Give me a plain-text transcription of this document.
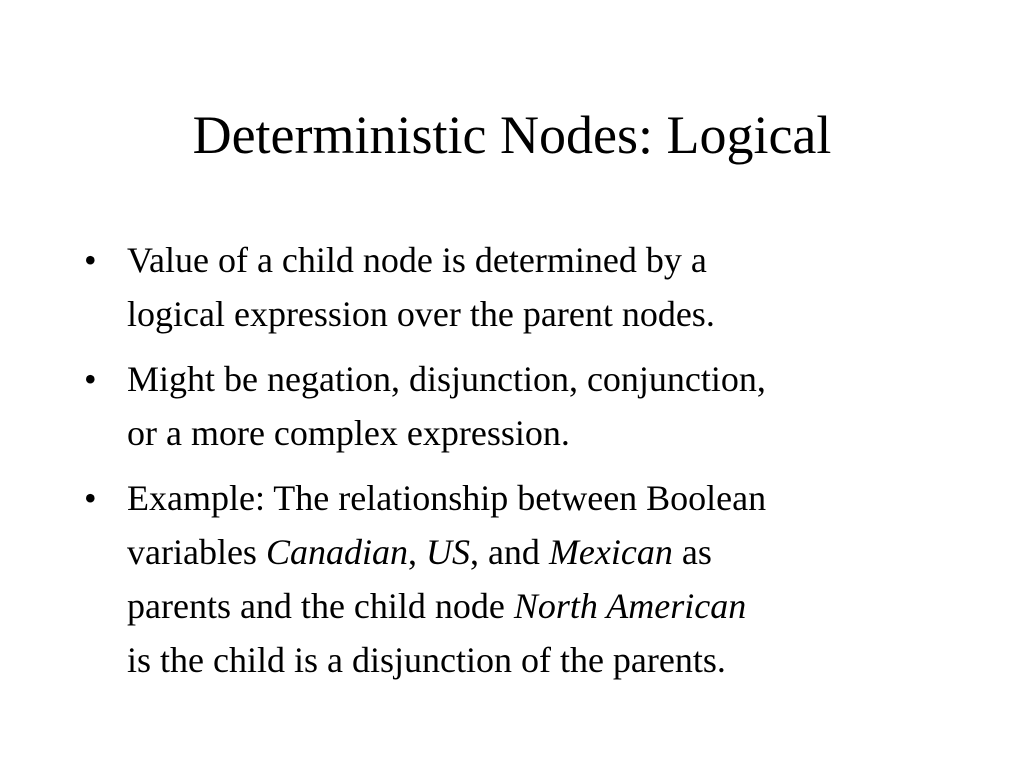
Deterministic Nodes: Logical
• Value of a child node is determined by a
logical expression over the parent nodes.
• Might be negation, disjunction, conjunction,
or a more complex expression.
• Example: The relationship between Boolean
variables Canadian, US, and Mexican as
parents and the child node North American
is the child is a disjunction of the parents.
